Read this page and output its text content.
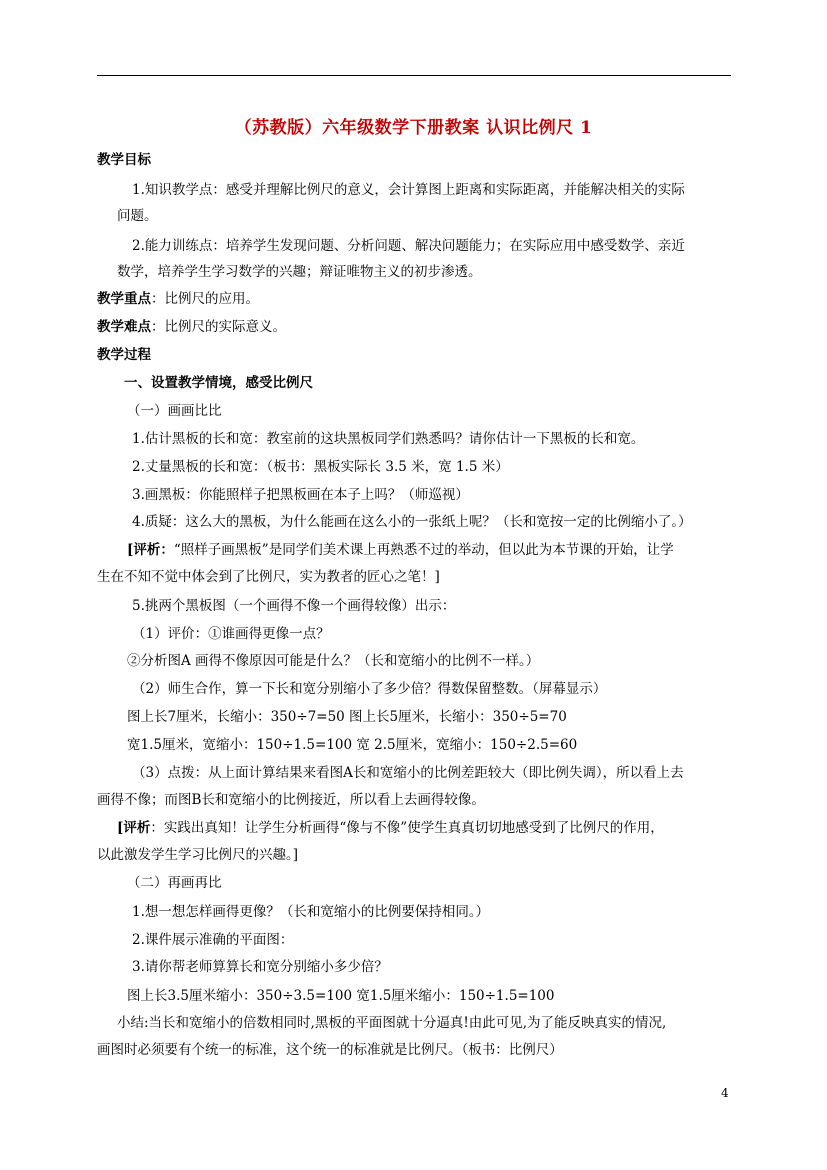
（苏教版）六年级数学下册教案 认识比例尺 1
教学目标
1.知识教学点：感受并理解比例尺的意义，会计算图上距离和实际距离，并能解决相关的实际
问题。
2.能力训练点：培养学生发现问题、分析问题、解决问题能力；在实际应用中感受数学、亲近
数学，培养学生学习数学的兴趣；辩证唯物主义的初步渗透。
教学重点：比例尺的应用。
教学难点：比例尺的实际意义。
教学过程
一、设置教学情境，感受比例尺
（一）画画比比
1.估计黑板的长和宽：教室前的这块黑板同学们熟悉吗？请你估计一下黑板的长和宽。
2.丈量黑板的长和宽：（板书：黑板实际长 3.5 米，宽 1.5 米）
3.画黑板：你能照样子把黑板画在本子上吗？（师巡视）
4.质疑：这么大的黑板，为什么能画在这么小的一张纸上呢？（长和宽按一定的比例缩小了。）
[评析：“照样子画黑板”是同学们美术课上再熟悉不过的举动，但以此为本节课的开始，让学
生在不知不觉中体会到了比例尺，实为教者的匠心之笔！]
5.挑两个黑板图（一个画得不像一个画得较像）出示：
（1）评价：①谁画得更像一点？
②分析图A 画得不像原因可能是什么？（长和宽缩小的比例不一样。）
（2）师生合作，算一下长和宽分别缩小了多少倍？得数保留整数。（屏幕显示）
图上长7厘米，长缩小：350÷7=50 图上长5厘米，长缩小：350÷5=70
宽1.5厘米，宽缩小：150÷1.5=100 宽 2.5厘米，宽缩小：150÷2.5=60
（3）点拨：从上面计算结果来看图A长和宽缩小的比例差距较大（即比例失调），所以看上去
画得不像；而图B长和宽缩小的比例接近，所以看上去画得较像。
[评析：实践出真知！让学生分析画得“像与不像”使学生真真切切地感受到了比例尺的作用，
以此激发学生学习比例尺的兴趣。]
（二）再画再比
1.想一想怎样画得更像？（长和宽缩小的比例要保持相同。）
2.课件展示准确的平面图：
3.请你帮老师算算长和宽分别缩小多少倍？
图上长3.5厘米缩小：350÷3.5=100 宽1.5厘米缩小：150÷1.5=100
小结:当长和宽缩小的倍数相同时,黑板的平面图就十分逼真!由此可见,为了能反映真实的情况,
画图时必须要有个统一的标准，这个统一的标准就是比例尺。（板书：比例尺）
4
